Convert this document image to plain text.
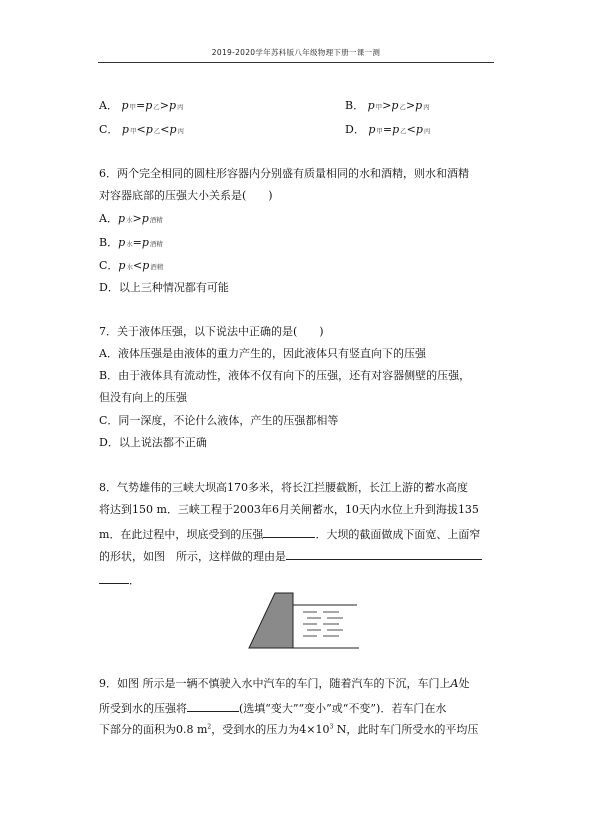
2019-2020学年苏科版八年级物理下册一课一测
A． p甲=p乙>p丙	B． p甲>p乙>p丙
C． p甲<p乙<p丙	D． p甲=p乙<p丙
6．两个完全相同的圆柱形容器内分别盛有质量相同的水和酒精，则水和酒精
对容器底部的压强大小关系是(　　)
A．p水>p酒精
B．p水=p酒精
C．p水<p酒精
D．以上三种情况都有可能
7．关于液体压强，以下说法中正确的是(　　)
A．液体压强是由液体的重力产生的，因此液体只有竖直向下的压强
B．由于液体具有流动性，液体不仅有向下的压强，还有对容器侧壁的压强，
但没有向上的压强
C．同一深度，不论什么液体，产生的压强都相等
D．以上说法都不正确
8．气势雄伟的三峡大坝高170多米，将长江拦腰截断，长江上游的蓄水高度
将达到150 m．三峡工程于2003年6月关闸蓄水，10天内水位上升到海拔135
m．在此过程中，坝底受到的压强	．大坝的截面做成下面宽、上面窄
的形状，如图　所示，这样做的理由是
．
9．如图 所示是一辆不慎驶入水中汽车的车门，随着汽车的下沉，车门上A处
所受到水的压强将	(选填“变大”“变小”或“不变”)．若车门在水
下部分的面积为0.8 $m^2$，受到水的压力为$4\times 10^3$ N，此时车门所受水的平均压
